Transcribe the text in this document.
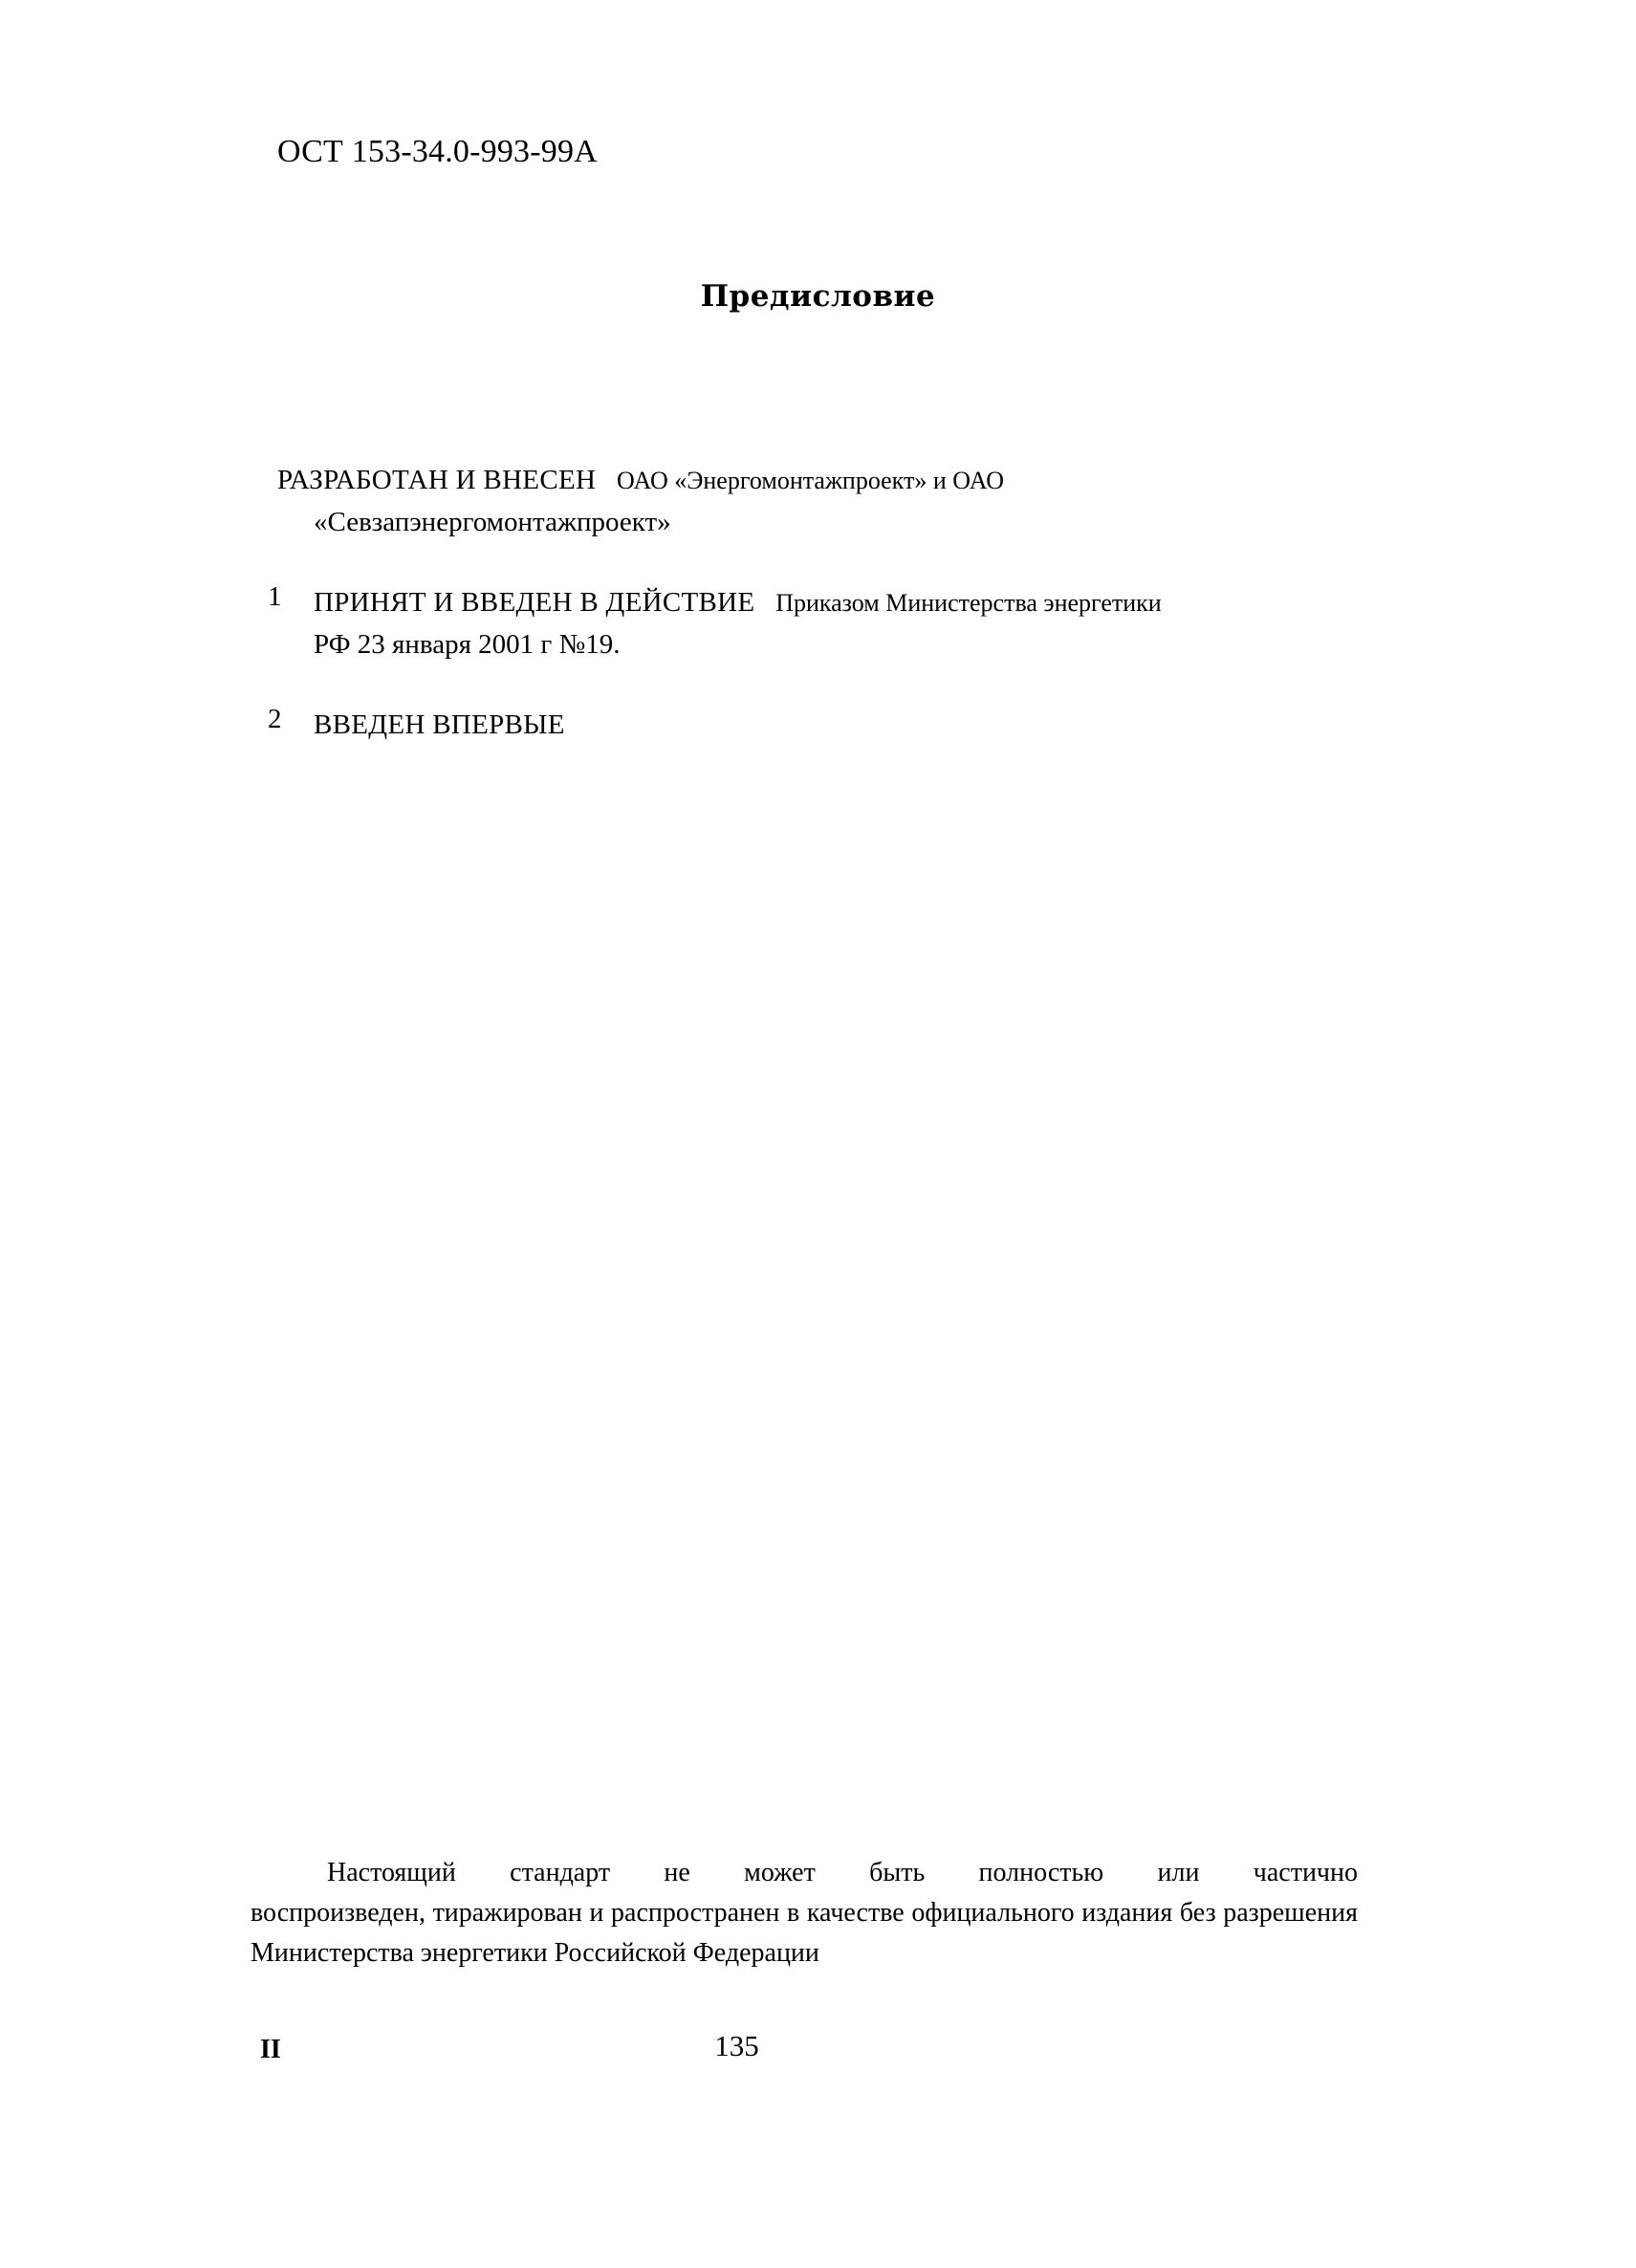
ОСТ 153-34.0-993-99А
Предисловие
РАЗРАБОТАН И ВНЕСЕН ОАО «Энергомонтажпроект» и ОАО
«Севзапэнергомонтажпроект»
1	ПРИНЯТ И ВВЕДЕН В ДЕЙСТВИЕ Приказом Министерства энергетики
РФ 23 января 2001 г №19.
2	ВВЕДЕН ВПЕРВЫЕ
Настоящий стандарт не может быть полностью или частично
воспроизведен, тиражирован и распространен в качестве официального издания без разрешения Министерства энергетики Российской Федерации
II	135
